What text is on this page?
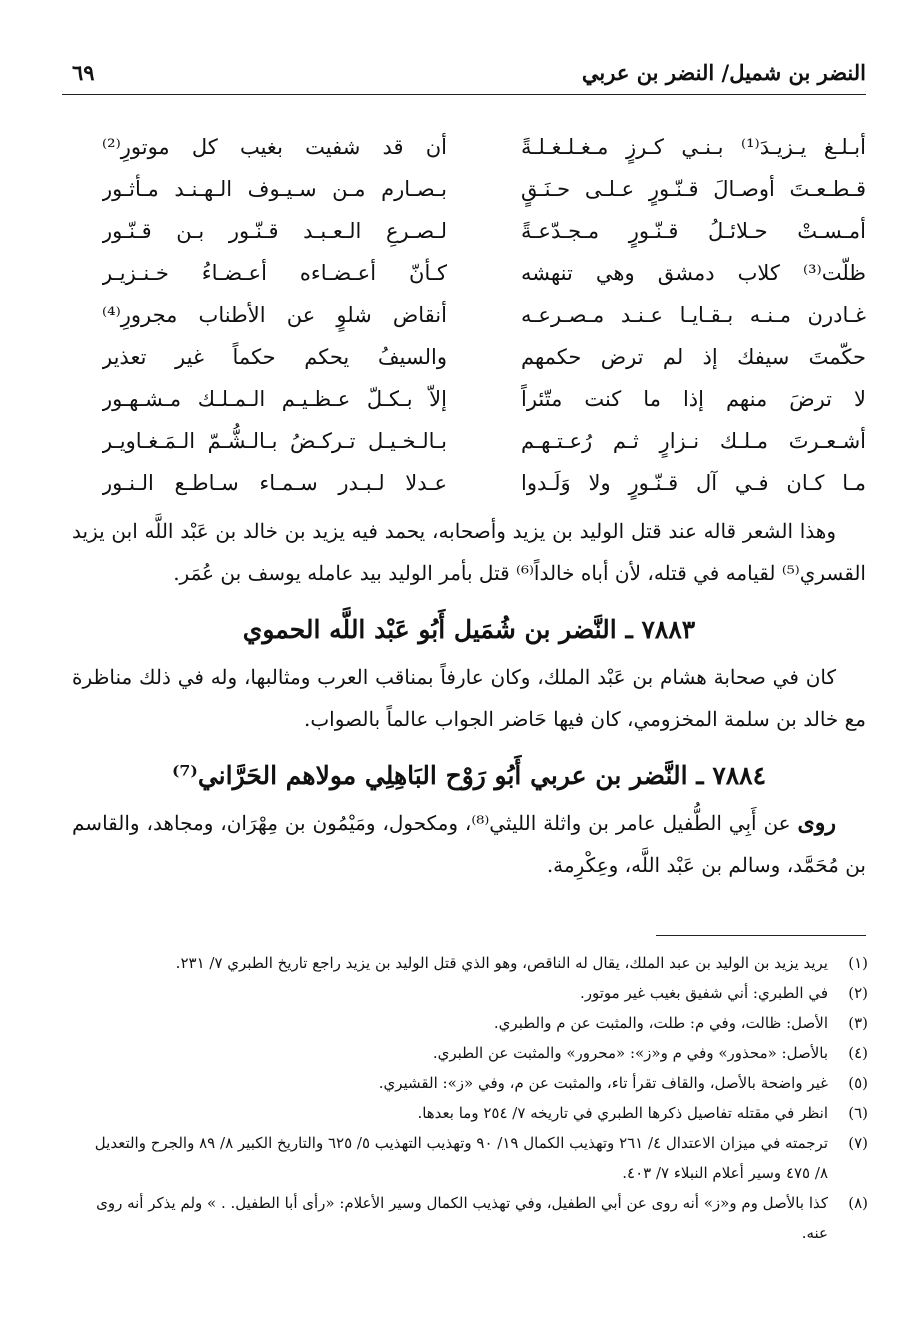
النضر بن شميل/ النضر بن عربي
٦٩
أبـلـغ يـزيـدَ⁽¹⁾ بـنـي كـرزٍ مـغـلـغـلـةً
أن قد شفيت بغيب كل موتورِ⁽²⁾
قـطـعـتَ أوصـالَ قـنّـورٍ عـلـى حـنَـقٍ
بـصـارم مـن سـيـوف الـهـنـد مـأثـور
أمـسـتْ حـلائـلُ قـنّـورٍ مـجـدّعـةً
لـصـرعِ الـعـبـد قـنّـور بـن قـنّـور
ظلّت⁽³⁾ كلاب دمشق وهي تنهشه
كـأنّ أعـضـاءه أعـضـاءُ خـنـزيـر
غـادرن مـنـه بـقـايـا عـنـد مـصـرعـه
أنقاض شلوٍ عن الأطناب مجرورِ⁽⁴⁾
حكّمتَ سيفك إذ لم ترض حكمهم
والسيفُ يحكم حكماً غير تعذير
لا ترضَ منهم إذا ما كنت متّئراً
إلاّ بـكـلّ عـظـيـم الـمـلـك مـشـهـور
أشـعـرتَ مـلـك نـزارٍ ثـم رُعـتـهـم
بـالـخـيـل تـركـضُ بـالـشُّـمّ الـمَـغـاويـر
مـا كـان فـي آل قـنّـورٍ ولا وَلَـدوا
عـدلا لـبـدر سـمـاء سـاطـع الـنـور

وهذا الشعر قاله عند قتل الوليد بن يزيد وأصحابه، يحمد فيه يزيد بن خالد بن عَبْد اللَّه ابن يزيد القسري⁽⁵⁾ لقيامه في قتله، لأن أباه خالداً⁽⁶⁾ قتل بأمر الوليد بيد عامله يوسف بن عُمَر.

٧٨٨٣ ـ النَّضر بن شُمَيل أَبُو عَبْد اللَّه الحموي

كان في صحابة هشام بن عَبْد الملك، وكان عارفاً بمناقب العرب ومثالبها، وله في ذلك مناظرة مع خالد بن سلمة المخزومي، كان فيها حَاضر الجواب عالماً بالصواب.

٧٨٨٤ ـ النَّضر بن عربي أَبُو رَوْح البَاهِلِي مولاهم الحَرَّاني⁽⁷⁾

روى عن أَبِي الطُّفيل عامر بن واثلة الليثي⁽⁸⁾، ومكحول، ومَيْمُون بن مِهْرَان، ومجاهد، والقاسم بن مُحَمَّد، وسالم بن عَبْد اللَّه، وعِكْرِمة.

(١)
يريد يزيد بن الوليد بن عبد الملك، يقال له الناقص، وهو الذي قتل الوليد بن يزيد راجع تاريخ الطبري ٧/ ٢٣١.

(٢)
في الطبري: أني شفيق بغيب غير موتور.

(٣)
الأصل: ظالت، وفي م: طلت، والمثبت عن م والطبري.

(٤)
بالأصل: «محذور» وفي م و«ز»: «محرور» والمثبت عن الطبري.

(٥)
غير واضحة بالأصل، والقاف تقرأ تاء، والمثبت عن م، وفي «ز»: القشيري.

(٦)
انظر في مقتله تفاصيل ذكرها الطبري في تاريخه ٧/ ٢٥٤ وما بعدها.

(٧)
ترجمته في ميزان الاعتدال ٤/ ٢٦١ وتهذيب الكمال ١٩/ ٩٠ وتهذيب التهذيب ٥/ ٦٢٥ والتاريخ الكبير ٨/ ٨٩ والجرح والتعديل ٨/ ٤٧٥ وسير أعلام النبلاء ٧/ ٤٠٣.

(٨)
كذا بالأصل وم و«ز» أنه روى عن أبي الطفيل، وفي تهذيب الكمال وسير الأعلام: «رأى أبا الطفيل. . » ولم يذكر أنه روى عنه.
